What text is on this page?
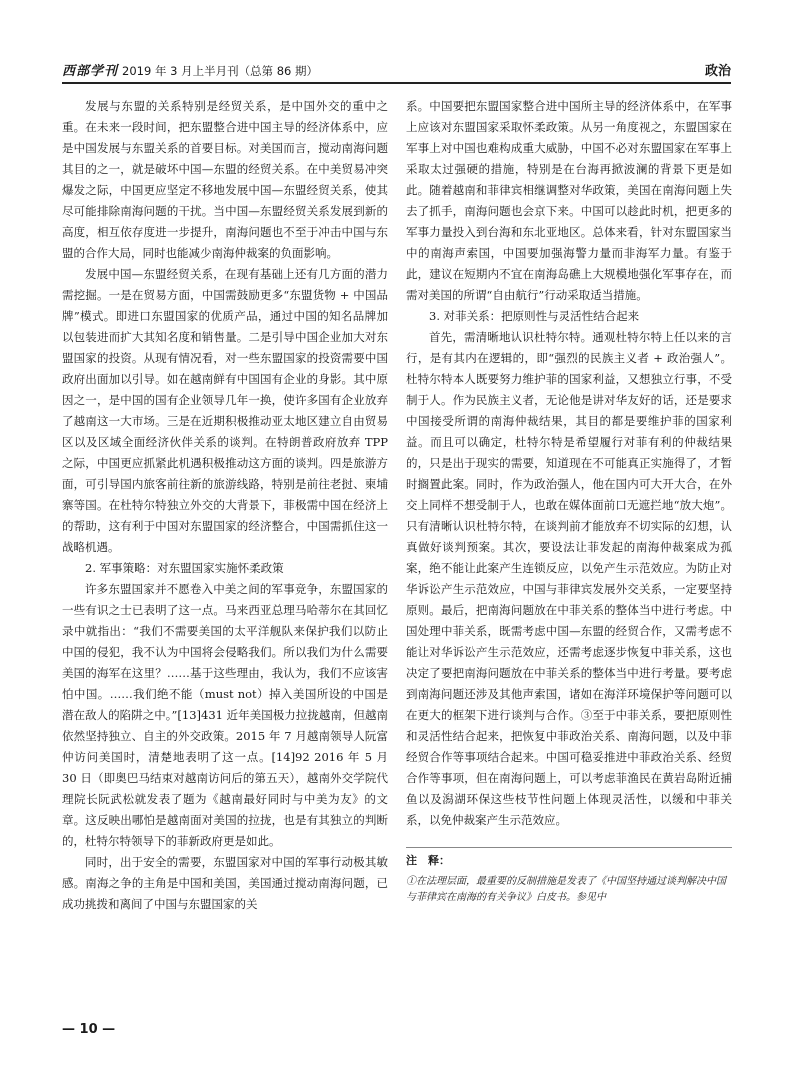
西部学刊 2019 年 3 月上半月刊（总第 86 期）	政治

发展与东盟的关系特别是经贸关系，是中国外交的重中之重。在未来一段时间，把东盟整合进中国主导的经济体系中，应是中国发展与东盟关系的首要目标。对美国而言，搅动南海问题其目的之一，就是破坏中国—东盟的经贸关系。在中美贸易冲突爆发之际，中国更应坚定不移地发展中国—东盟经贸关系，使其尽可能排除南海问题的干扰。当中国—东盟经贸关系发展到新的高度，相互依存度进一步提升，南海问题也不至于冲击中国与东盟的合作大局，同时也能减少南海仲裁案的负面影响。

发展中国—东盟经贸关系，在现有基础上还有几方面的潜力需挖掘。一是在贸易方面，中国需鼓励更多“东盟货物 + 中国品牌”模式。即进口东盟国家的优质产品，通过中国的知名品牌加以包装进而扩大其知名度和销售量。二是引导中国企业加大对东盟国家的投资。从现有情况看，对一些东盟国家的投资需要中国政府出面加以引导。如在越南鲜有中国国有企业的身影。其中原因之一，是中国的国有企业领导几年一换，使许多国有企业放弃了越南这一大市场。三是在近期积极推动亚太地区建立自由贸易区以及区域全面经济伙伴关系的谈判。在特朗普政府放弃 TPP 之际，中国更应抓紧此机遇积极推动这方面的谈判。四是旅游方面，可引导国内旅客前往新的旅游线路，特别是前往老挝、柬埔寨等国。在杜特尔特独立外交的大背景下，菲极需中国在经济上的帮助，这有利于中国对东盟国家的经济整合，中国需抓住这一战略机遇。

2. 军事策略：对东盟国家实施怀柔政策

许多东盟国家并不愿卷入中美之间的军事竞争，东盟国家的一些有识之士已表明了这一点。马来西亚总理马哈蒂尔在其回忆录中就指出：“我们不需要美国的太平洋舰队来保护我们以防止中国的侵犯，我不认为中国将会侵略我们。所以我们为什么需要美国的海军在这里？……基于这些理由，我认为，我们不应该害怕中国。……我们绝不能（must not）掉入美国所设的中国是潜在敌人的陷阱之中。”[13]431 近年美国极力拉拢越南，但越南依然坚持独立、自主的外交政策。2015 年 7 月越南领导人阮富仲访问美国时，清楚地表明了这一点。[14]92 2016 年 5 月 30 日（即奥巴马结束对越南访问后的第五天），越南外交学院代理院长阮武松就发表了题为《越南最好同时与中美为友》的文章。这反映出哪怕是越南面对美国的拉拢，也是有其独立的判断的，杜特尔特领导下的菲新政府更是如此。

同时，出于安全的需要，东盟国家对中国的军事行动极其敏感。南海之争的主角是中国和美国，美国通过搅动南海问题，已成功挑拨和离间了中国与东盟国家的关

系。中国要把东盟国家整合进中国所主导的经济体系中，在军事上应该对东盟国家采取怀柔政策。从另一角度视之，东盟国家在军事上对中国也难构成重大威胁，中国不必对东盟国家在军事上采取太过强硬的措施，特别是在台海再掀波澜的背景下更是如此。随着越南和菲律宾相继调整对华政策，美国在南海问题上失去了抓手，南海问题也会京下来。中国可以趁此时机，把更多的军事力量投入到台海和东北亚地区。总体来看，针对东盟国家当中的南海声索国，中国要加强海警力量而非海军力量。有鉴于此，建议在短期内不宜在南海岛礁上大规模地强化军事存在，而需对美国的所谓“自由航行”行动采取适当措施。

3. 对菲关系：把原则性与灵活性结合起来

首先，需清晰地认识杜特尔特。通观杜特尔特上任以来的言行，是有其内在逻辑的，即“强烈的民族主义者 + 政治强人”。杜特尔特本人既要努力维护菲的国家利益，又想独立行事，不受制于人。作为民族主义者，无论他是讲对华友好的话，还是要求中国接受所谓的南海仲裁结果，其目的都是要维护菲的国家利益。而且可以确定，杜特尔特是希望履行对菲有利的仲裁结果的，只是出于现实的需要，知道现在不可能真正实施得了，才暂时搁置此案。同时，作为政治强人，他在国内可大开大合，在外交上同样不想受制于人，也敢在媒体面前口无遮拦地“放大炮”。只有清晰认识杜特尔特，在谈判前才能放弃不切实际的幻想，认真做好谈判预案。其次，要设法让菲发起的南海仲裁案成为孤案，绝不能让此案产生连锁反应，以免产生示范效应。为防止对华诉讼产生示范效应，中国与菲律宾发展外交关系，一定要坚持原则。最后，把南海问题放在中菲关系的整体当中进行考虑。中国处理中菲关系，既需考虑中国—东盟的经贸合作，又需考虑不能让对华诉讼产生示范效应，还需考虑逐步恢复中菲关系，这也决定了要把南海问题放在中菲关系的整体当中进行考量。要考虑到南海问题还涉及其他声索国，诸如在海洋环境保护等问题可以在更大的框架下进行谈判与合作。③至于中菲关系，要把原则性和灵活性结合起来，把恢复中菲政治关系、南海问题，以及中菲经贸合作等事项结合起来。中国可稳妥推进中菲政治关系、经贸合作等事项，但在南海问题上，可以考虑菲渔民在黄岩岛附近捕鱼以及潟湖环保这些枝节性问题上体现灵活性，以缓和中菲关系，以免仲裁案产生示范效应。

注　释：

①在法理层面，最重要的反制措施是发表了《中国坚持通过谈判解决中国与菲律宾在南海的有关争议》白皮书。参见中

— 10 —
